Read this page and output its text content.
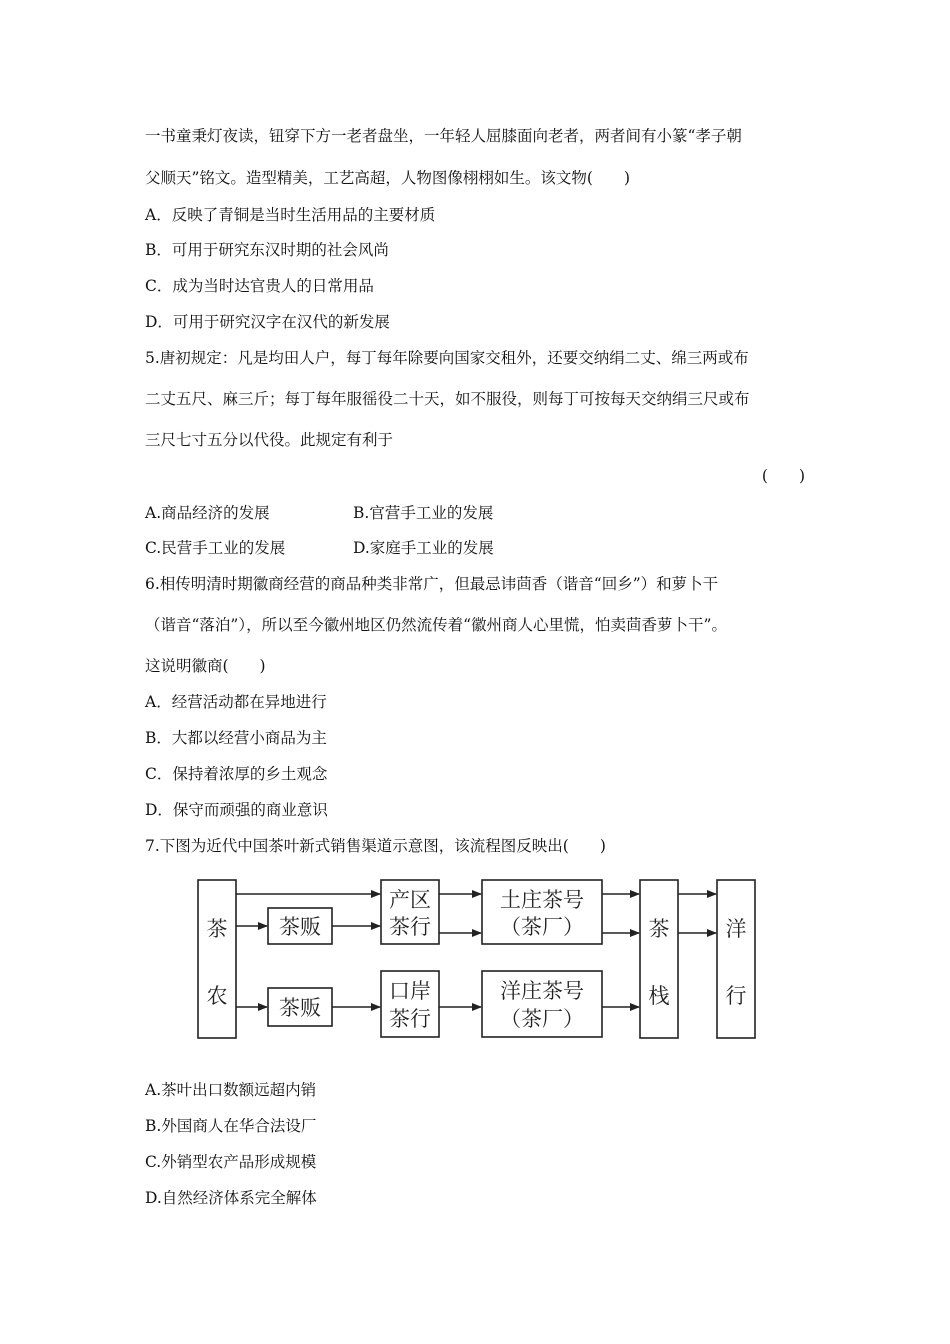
一书童秉灯夜读，钮穿下方一老者盘坐，一年轻人屈膝面向老者，两者间有小篆“孝子朝
父顺天”铭文。造型精美，工艺高超，人物图像栩栩如生。该文物(　　)
A．反映了青铜是当时生活用品的主要材质
B．可用于研究东汉时期的社会风尚
C．成为当时达官贵人的日常用品
D．可用于研究汉字在汉代的新发展
5.唐初规定：凡是均田人户，每丁每年除要向国家交租外，还要交纳绢二丈、绵三两或布
二丈五尺、麻三斤；每丁每年服徭役二十天，如不服役，则每丁可按每天交纳绢三尺或布
三尺七寸五分以代役。此规定有利于
(　　)
A.商品经济的发展	B.官营手工业的发展
C.民营手工业的发展	D.家庭手工业的发展
6.相传明清时期徽商经营的商品种类非常广，但最忌讳茴香（谐音“回乡”）和萝卜干
（谐音“落泊”），所以至今徽州地区仍然流传着“徽州商人心里慌，怕卖茴香萝卜干”。
这说明徽商(　　)
A．经营活动都在异地进行
B．大都以经营小商品为主
C．保持着浓厚的乡土观念
D．保守而顽强的商业意识
7.下图为近代中国茶叶新式销售渠道示意图，该流程图反映出(　　)
茶
农
茶贩
茶贩
产区
茶行
口岸
茶行
土庄茶号
（茶厂）
洋庄茶号
（茶厂）
茶
栈
洋
行
A.茶叶出口数额远超内销
B.外国商人在华合法设厂
C.外销型农产品形成规模
D.自然经济体系完全解体
